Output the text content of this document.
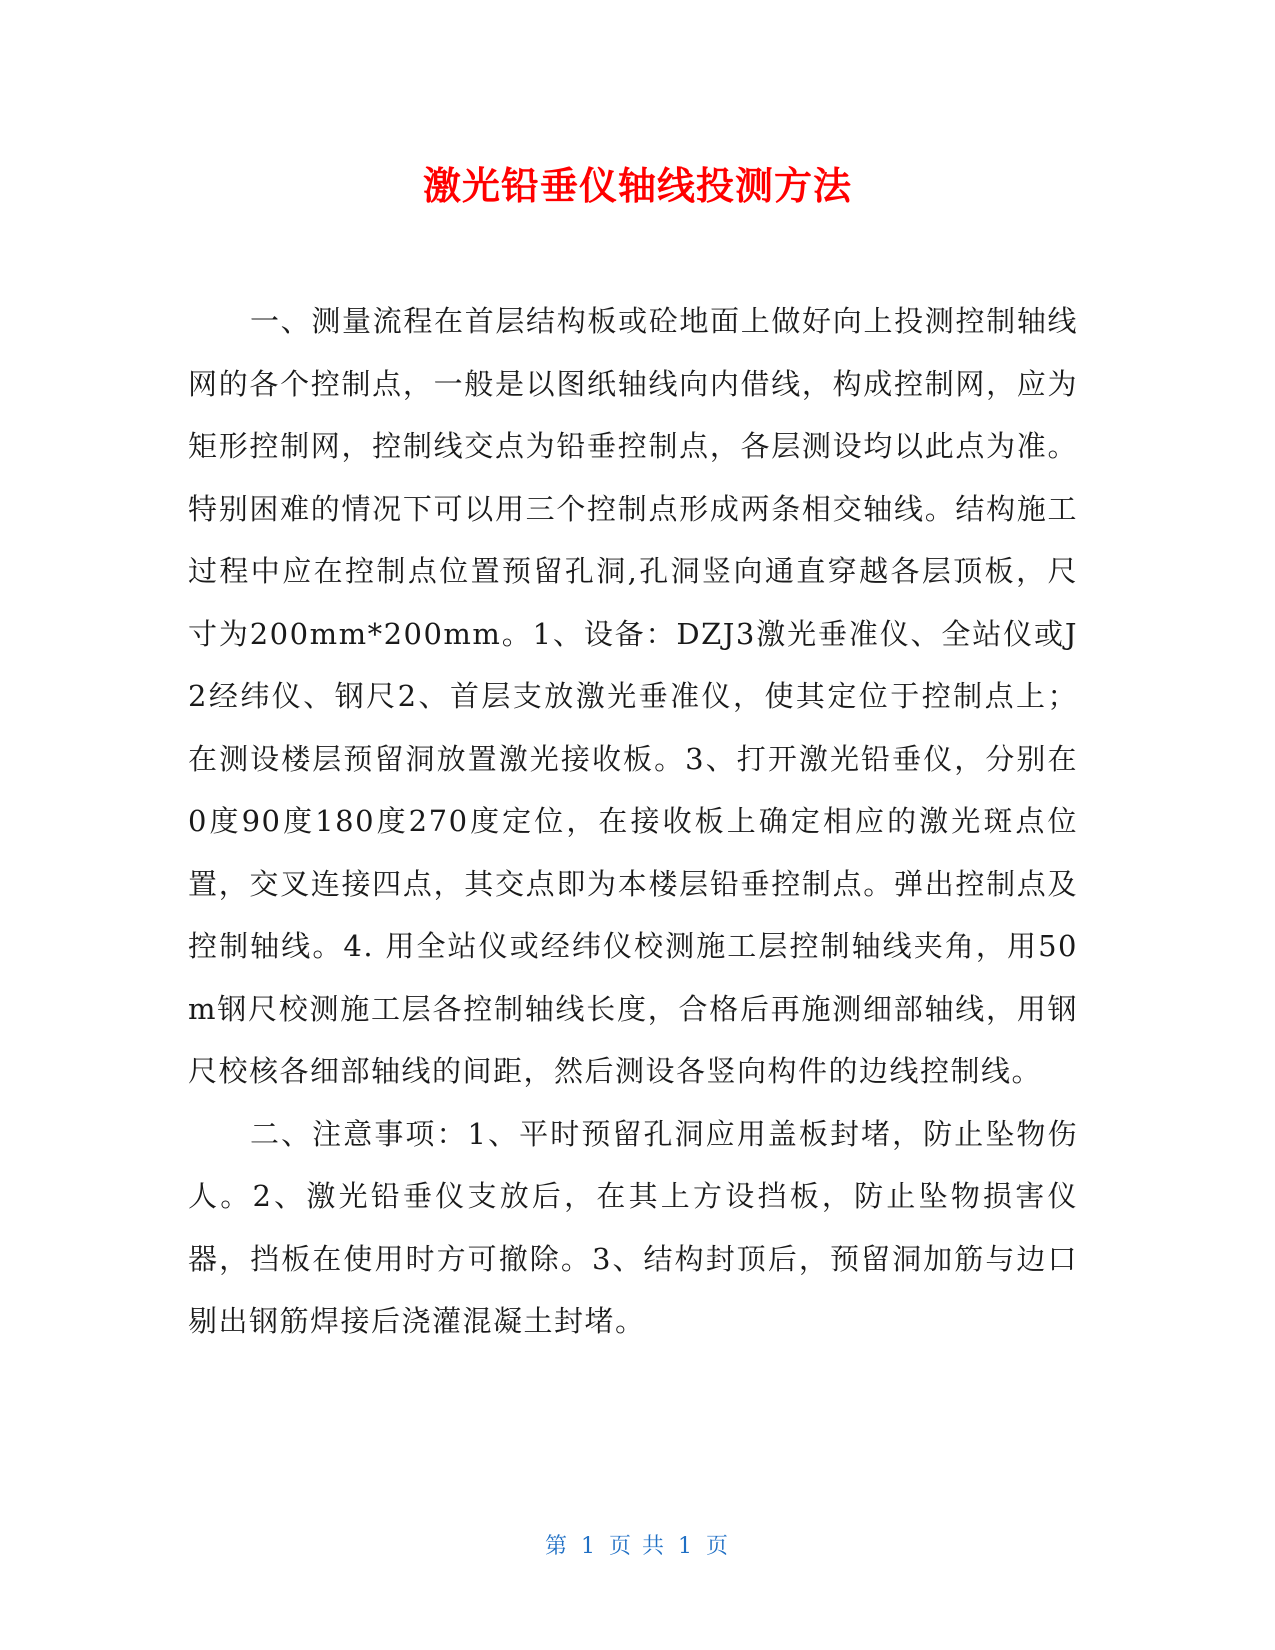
激光铅垂仪轴线投测方法

一、测量流程在首层结构板或砼地面上做好向上投测控制轴线网的各个控制点，一般是以图纸轴线向内借线，构成控制网，应为矩形控制网，控制线交点为铅垂控制点，各层测设均以此点为准。特别困难的情况下可以用三个控制点形成两条相交轴线。结构施工过程中应在控制点位置预留孔洞,孔洞竖向通直穿越各层顶板，尺寸为200mm*200mm。1、设备：DZJ3激光垂准仪、全站仪或J2经纬仪、钢尺2、首层支放激光垂准仪，使其定位于控制点上；在测设楼层预留洞放置激光接收板。3、打开激光铅垂仪，分别在0度90度180度270度定位，在接收板上确定相应的激光斑点位置，交叉连接四点，其交点即为本楼层铅垂控制点。弹出控制点及控制轴线。4. 用全站仪或经纬仪校测施工层控制轴线夹角，用50m钢尺校测施工层各控制轴线长度，合格后再施测细部轴线，用钢尺校核各细部轴线的间距，然后测设各竖向构件的边线控制线。

二、注意事项：1、平时预留孔洞应用盖板封堵，防止坠物伤人。2、激光铅垂仪支放后，在其上方设挡板，防止坠物损害仪器，挡板在使用时方可撤除。3、结构封顶后，预留洞加筋与边口剔出钢筋焊接后浇灌混凝土封堵。

第 1 页 共 1 页
